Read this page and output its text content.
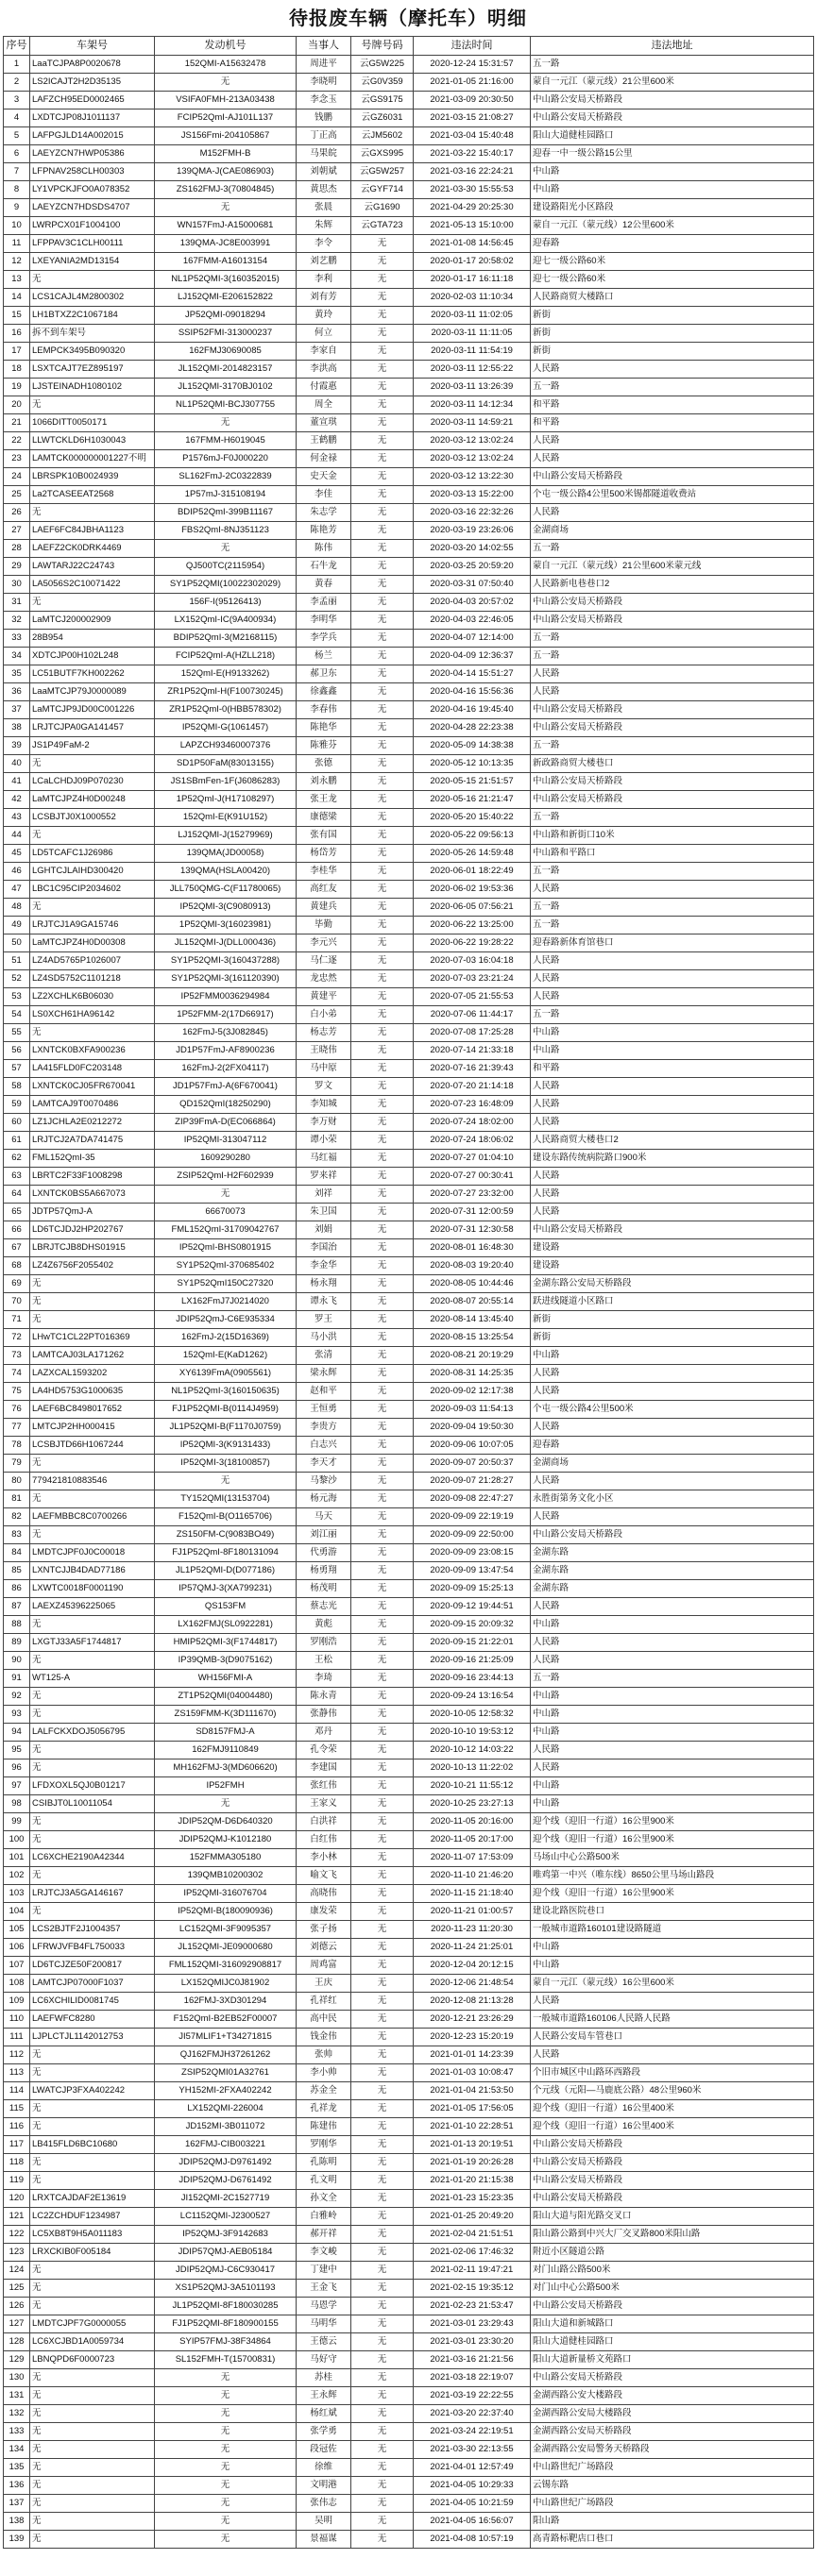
待报废车辆（摩托车）明细
序号	车架号	发动机号	当事人	号牌号码	违法时间	违法地址
1	LaaTCJPA8P0020678	152QMI-A15632478	周进平	云G5W225	2020-12-24 15:31:57	五一路
2	LS2ICAJT2H2D35135	无	李晓明	云G0V359	2021-01-05 21:16:00	蒙自一元江（蒙元线）21公里600米
3	LAFZCH95ED0002465	VSIFA0FMH-213A03438	李念玉	云GS9175	2021-03-09 20:30:50	中山路公安局天桥路段
4	LXDTCJP08J1011137	FCIP52QmI-AJ101L137	钱鹏	云GZ6031	2021-03-15 21:08:27	中山路公安局天桥路段
5	LAFPGJLD14A002015	JS156Fmi-204105867	丁正高	云JM5602	2021-03-04 15:40:48	阳山大道健桂园路口
6	LAEYZCN7HWP05386	M152FMH-B	马果皖	云GXS995	2021-03-22 15:40:17	迎春一中一级公路15公里
7	LFPNAV258CLH00303	139QMA-J(CAE086903)	刘朝斌	云G5W257	2021-03-16 22:24:21	中山路
8	LY1VPCKJFO0A078352	ZS162FMJ-3(70804845)	黄思杰	云GYF714	2021-03-30 15:55:53	中山路
9	LAEYZCN7HDSDS4707	无	张晨	云G1690	2021-04-29 20:25:30	建设路阳光小区路段
10	LWRPCX01F1004100	WN157FmJ-A15000681	朱辉	云GTA723	2021-05-13 15:10:00	蒙自一元江（蒙元线）12公里600米
11	LFPPAV3C1CLH00111	139QMA-JC8E003991	李令	无	2021-01-08 14:56:45	迎春路
12	LXEYANIA2MD13154	167FMM-A16013154	刘艺鹏	无	2020-01-17 20:58:02	迎七一级公路60米
13	无	NL1P52QMI-3(160352015)	李利	无	2020-01-17 16:11:18	迎七一级公路60米
14	LCS1CAJL4M2800302	LJ152QMI-E206152822	刘有芳	无	2020-02-03 11:10:34	人民路商贸大楼路口
15	LH1BTXZ2C1067184	JP52QMI-09018294	黄玲	无	2020-03-11 11:02:05	新街
16	拆不到车架号	SSIP52FMI-313000237	何立	无	2020-03-11 11:11:05	新街
17	LEMPCK3495B090320	162FMJ30690085	李家自	无	2020-03-11 11:54:19	新街
18	LSXTCAJT7EZ895197	JL152QMI-2014823157	李洪高	无	2020-03-11 12:55:22	人民路
19	LJSTEINADH1080102	JL152QMI-3170BJ0102	付霞惠	无	2020-03-11 13:26:39	五一路
20	无	NL1P52QMI-BCJ307755	周全	无	2020-03-11 14:12:34	和平路
21	1066DITT0050171	无	董宣琪	无	2020-03-11 14:59:21	和平路
22	LLWTCKLD6H1030043	167FMM-H6019045	王鹤鹏	无	2020-03-12 13:02:24	人民路
23	LAMTCK000000001227不明	P1576mJ-F0J000220	何金禄	无	2020-03-12 13:02:24	人民路
24	LBRSPK10B0024939	SL162FmJ-2C0322839	史天金	无	2020-03-12 13:22:30	中山路公安局天桥路段
25	La2TCASEEAT2568	1P57mJ-315108194	李佳	无	2020-03-13 15:22:00	个屯一级公路4公里500米锡都隧道收费站
26	无	BDIP52QmI-399B11167	朱志学	无	2020-03-16 22:32:26	人民路
27	LAEF6FC84JBHA1123	FBS2QmI-8NJ351123	陈艳芳	无	2020-03-19 23:26:06	金湖商场
28	LAEFZ2CK0DRK4469	无	陈伟	无	2020-03-20 14:02:55	五一路
29	LAWTARJ22C24743	QJ500TC(2115954)	石牛龙	无	2020-03-25 20:59:20	蒙自一元江（蒙元线）21公里600米蒙元线
30	LA5056S2C10071422	SY1P52QMI(10022302029)	黄春	无	2020-03-31 07:50:40	人民路新电巷巷口2
31	无	156F-I(95126413)	李孟丽	无	2020-04-03 20:57:02	中山路公安局天桥路段
32	LaMTCJ200002909	LX152QmI-IC(9A400934)	李明华	无	2020-04-03 22:46:05	中山路公安局天桥路段
33	28B954	BDIP52QmI-3(M2168115)	李学兵	无	2020-04-07 12:14:00	五一路
34	XDTCJP00H102L248	FCIP52QmI-A(HZLL218)	杨兰	无	2020-04-09 12:36:37	五一路
35	LC51BUTF7KH002262	152QmI-E(H9133262)	郝卫东	无	2020-04-14 15:51:27	人民路
36	LaaMTCJP79J0000089	ZR1P52QmI-H(F100730245)	徐鑫鑫	无	2020-04-16 15:56:36	人民路
37	LaMTCJP9JD00C001226	ZR1P52QmI-0(HBB578302)	李春伟	无	2020-04-16 19:45:40	中山路公安局天桥路段
38	LRJTCJPA0GA141457	IP52QMI-G(1061457)	陈艳华	无	2020-04-28 22:23:38	中山路公安局天桥路段
39	JS1P49FaM-2	LAPZCH93460007376	陈雅芬	无	2020-05-09 14:38:38	五一路
40	无	SD1P50FaM(83013155)	张德	无	2020-05-12 10:13:35	新政路商贸大楼巷口
41	LCaLCHDJ09P070230	JS1SBmFen-1F(J6086283)	刘永鹏	无	2020-05-15 21:51:57	中山路公安局天桥路段
42	LaMTCJPZ4H0D00248	1P52QmI-J(H17108297)	张王龙	无	2020-05-16 21:21:47	中山路公安局天桥路段
43	LCSBJTJ0X1000552	152QmI-E(K91U152)	康德梁	无	2020-05-20 15:40:22	五一路
44	无	LJ152QMI-J(15279969)	张有国	无	2020-05-22 09:56:13	中山路和新街口10米
45	LD5TCAFC1J26986	139QMA(JD00058)	杨岱芳	无	2020-05-26 14:59:48	中山路和平路口
46	LGHTCJLAIHD300420	139QMA(HSLA00420)	李桂华	无	2020-06-01 18:22:49	五一路
47	LBC1C95CIP2034602	JLL750QMG-C(F11780065)	高红友	无	2020-06-02 19:53:36	人民路
48	无	IP52QMI-3(C9080913)	黄建兵	无	2020-06-05 07:56:21	五一路
49	LRJTCJ1A9GA15746	1P52QMI-3(16023981)	毕勤	无	2020-06-22 13:25:00	五一路
50	LaMTCJPZ4H0D00308	JL152QMI-J(DLL000436)	李元兴	无	2020-06-22 19:28:22	迎春路新体育馆巷口
51	LZ4AD5765P1026007	SY1P52QMI-3(160437288)	马仁逐	无	2020-07-03 16:04:18	人民路
52	LZ4SD5752C1101218	SY1P52QMI-3(161120390)	龙忠然	无	2020-07-03 23:21:24	人民路
53	LZ2XCHLK6B06030	IP52FMM0036294984	黄建平	无	2020-07-05 21:55:53	人民路
54	LS0XCH61HA96142	1P52FMM-2(17D66917)	白小弟	无	2020-07-06 11:44:17	五一路
55	无	162FmJ-5(3J082845)	杨志芳	无	2020-07-08 17:25:28	中山路
56	LXNTCK0BXFA900236	JD1P57FmJ-AF8900236	王晓伟	无	2020-07-14 21:33:18	中山路
57	LA415FLD0FC203148	162FmJ-2(2FX04117)	马中原	无	2020-07-16 21:39:43	和平路
58	LXNTCK0CJ05FR670041	JD1P57FmJ-A(6F670041)	罗文	无	2020-07-20 21:14:18	人民路
59	LAMTCAJ9T0070486	QD152QmI(18250290)	李知城	无	2020-07-23 16:48:09	人民路
60	LZ1JCHLA2E0212272	ZIP39FmA-D(EC066864)	李万财	无	2020-07-24 18:02:00	人民路
61	LRJTCJ2A7DA741475	IP52QMI-313047112	谭小荣	无	2020-07-24 18:06:02	人民路商贸大楼巷口2
62	FML152QmI-35	1609290280	马红福	无	2020-07-27 01:04:10	建设东路传统病院路口900米
63	LBRTC2F33F1008298	ZSIP52QmI-H2F602939	罗来祥	无	2020-07-27 00:30:41	人民路
64	LXNTCK0BS5A667073	无	刘祥	无	2020-07-27 23:32:00	人民路
65	JDTP57QmJ-A	66670073	朱卫国	无	2020-07-31 12:00:59	人民路
66	LD6TCJDJ2HP202767	FML152QmI-31709042767	刘娟	无	2020-07-31 12:30:58	中山路公安局天桥路段
67	LBRJTCJB8DHS01915	IP52QmI-BHS0801915	李国治	无	2020-08-01 16:48:30	建设路
68	LZ4Z6756F2055402	SY1P52QmI-370685402	李金华	无	2020-08-03 19:20:40	建设路
69	无	SY1P52QmI150C27320	杨永翔	无	2020-08-05 10:44:46	金湖东路公安局天桥路段
70	无	LX162FmJ7J0214020	谭永飞	无	2020-08-07 20:55:14	跃进线隧道小区路口
71	无	JDIP52QmJ-C6E935334	罗王	无	2020-08-14 13:45:40	新街
72	LHwTC1CL22PT016369	162FmJ-2(15D16369)	马小洪	无	2020-08-15 13:25:54	新街
73	LAMTCAJ03LA171262	152QmI-E(KaD1262)	张清	无	2020-08-21 20:19:29	中山路
74	LAZXCAL1593202	XY6139FmA(0905561)	梁永辉	无	2020-08-31 14:25:35	人民路
75	LA4HD5753G1000635	NL1P52QmI-3(160150635)	赵和平	无	2020-09-02 12:17:38	人民路
76	LAEF6BC8498017652	FJ1P52QMI-B(0114J4959)	王恒勇	无	2020-09-03 11:54:13	个屯一级公路4公里500米
77	LMTCJP2HH000415	JL1P52QMI-B(F1170J0759)	李贵方	无	2020-09-04 19:50:30	人民路
78	LCSBJTD66H1067244	IP52QMI-3(K9131433)	白志兴	无	2020-09-06 10:07:05	迎春路
79	无	IP52QMI-3(18100857)	李天才	无	2020-09-07 20:50:37	金湖商场
80	779421810883546	无	马黎沙	无	2020-09-07 21:28:27	人民路
81	无	TY152QMI(13153704)	杨元海	无	2020-09-08 22:47:27	永胜街第务文化小区
82	LAEFMBBC8C0700266	F152QmI-B(O1165706)	马天	无	2020-09-09 22:19:19	人民路
83	无	ZS150FM-C(9083BO49)	刘江丽	无	2020-09-09 22:50:00	中山路公安局天桥路段
84	LMDTCJPF0J0C00018	FJ1P52QmI-8F180131094	代勇游	无	2020-09-09 23:08:15	金湖东路
85	LXNTCJJB4DAD77186	JL1P52QMI-D(D077186)	杨勇翔	无	2020-09-09 13:47:54	金湖东路
86	LXWTC0018F0001190	IP57QMJ-3(XA799231)	杨茂明	无	2020-09-09 15:25:13	金湖东路
87	LAEXZ45396225065	QS153FM	蔡志光	无	2020-09-12 19:44:51	人民路
88	无	LX162FMJ(SL0922281)	黄彪	无	2020-09-15 20:09:32	中山路
89	LXGTJ33A5F1744817	HMIP52QMI-3(F1744817)	罗刚浩	无	2020-09-15 21:22:01	人民路
90	无	IP39QMB-3(D9075162)	王松	无	2020-09-16 21:25:09	人民路
91	WT125-A	WH156FMI-A	李琦	无	2020-09-16 23:44:13	五一路
92	无	ZT1P52QMI(04004480)	陈永青	无	2020-09-24 13:16:54	中山路
93	无	ZS159FMM-K(3D111670)	张静伟	无	2020-10-05 12:58:32	中山路
94	LALFCKXDOJ5056795	SD8157FMJ-A	邓丹	无	2020-10-10 19:53:12	中山路
95	无	162FMJ9110849	孔令荣	无	2020-10-12 14:03:22	人民路
96	无	MH162FMJ-3(MD606620)	李建国	无	2020-10-13 11:22:02	人民路
97	LFDXOXL5QJ0B01217	IP52FMH	张红伟	无	2020-10-21 11:55:12	中山路
98	CSIBJT0L10011054	无	王家义	无	2020-10-25 23:27:13	中山路
99	无	JDIP52QM-D6D640320	白洪祥	无	2020-11-05 20:16:00	迎个线（迎旧一行道）16公里900米
100	无	JDIP52QMJ-K1012180	白红伟	无	2020-11-05 20:17:00	迎个线（迎旧一行道）16公里900米
101	LC6XCHE2190A42344	152FMMA305180	李小林	无	2020-11-07 17:53:09	马场山中心公路500米
102	无	139QMB10200302	喻文飞	无	2020-11-10 21:46:20	唯鸡第一中兴（唯东线）8650公里马场山路段
103	LRJTCJ3A5GA146167	IP52QMI-316076704	高晓伟	无	2020-11-15 21:18:40	迎个线（迎旧一行道）16公里900米
104	无	IP52QMI-B(180090936)	康发荣	无	2020-11-21 01:00:57	建设北路医院巷口
105	LCS2BJTF2J1004357	LC152QMI-3F9095357	张子扬	无	2020-11-23 11:20:30	一般城市道路160101建设路隧道
106	LFRWJVFB4FL750033	JL152QMI-JE09000680	刘德云	无	2020-11-24 21:25:01	中山路
107	LD6TCJZE50F200817	FML152QMI-316092908817	周鸡富	无	2020-12-04 20:12:15	中山路
108	LAMTCJP07000F1037	LX152QMIJC0J81902	王庆	无	2020-12-06 21:48:54	蒙自一元江（蒙元线）16公里600米
109	LC6XCHILID0081745	162FMJ-3XD301294	孔祥红	无	2020-12-08 21:13:28	人民路
110	LAEFWFC8280	F152QmI-B2EB52F00007	高中民	无	2020-12-21 23:26:29	一般城市道路160106人民路人民路
111	LJPLCTJL1142012753	JI57MLIF1+T34271815	钱金伟	无	2020-12-23 15:20:19	人民路公安局车管巷口
112	无	QJ162FMJH37261262	张帅	无	2021-01-01 14:23:39	人民路
113	无	ZSIP52QMI01A32761	李小帅	无	2021-01-03 10:08:47	个旧市城区中山路环西路段
114	LWATCJP3FXA402242	YH152MI-2FXA402242	苏金全	无	2021-01-04 21:53:50	个元线（元阳—马鹿底公路）48公里960米
115	无	LX152QMI-226004	孔祥龙	无	2021-01-05 17:56:05	迎个线（迎旧一行道）16公里400米
116	无	JD152MI-3B011072	陈建伟	无	2021-01-10 22:28:51	迎个线（迎旧一行道）16公里400米
117	LB415FLD6BC10680	162FMJ-CIB003221	罗刚华	无	2021-01-13 20:19:51	中山路公安局天桥路段
118	无	JDIP52QMJ-D9761492	孔陈明	无	2021-01-19 20:26:28	中山路公安局天桥路段
119	无	JDIP52QMJ-D6761492	孔文明	无	2021-01-20 21:15:38	中山路公安局天桥路段
120	LRXTCAJDAF2E13619	JI152QMI-2C1527719	孙文全	无	2021-01-23 15:23:35	中山路公安局天桥路段
121	LC2ZCHDUF1234987	LC1152QMI-J2300527	白雅岭	无	2021-01-25 20:49:20	阳山大道与阳光路交叉口
122	LC5XB8T9H5A011183	IP52QMJ-3F9142683	郝开祥	无	2021-02-04 21:51:51	阳山路公路到中兴大厂交叉路800米阳山路
123	LRXCKIB0F005184	JDIP57QMJ-AEB05184	李文峻	无	2021-02-06 17:46:32	附近小区隧道公路
124	无	JDIP52QMJ-C6C930417	丁建中	无	2021-02-11 19:47:21	对门山路公路500米
125	无	XS1P52QMJ-3A5101193	王金飞	无	2021-02-15 19:35:12	对门山中心公路500米
126	无	JL1P52QMI-8F180030285	马恩学	无	2021-02-23 21:53:47	中山路公安局天桥路段
127	LMDTCJPF7G0000055	FJ1P52QMI-8F180900155	马明华	无	2021-03-01 23:29:43	阳山大道和新城路口
128	LC6XCJBD1A0059734	SYIP57FMJ-38F34864	王德云	无	2021-03-01 23:30:20	阳山大道健桂园路口
129	LBNQPD6F0000723	SL152FMH-T(15700831)	马好守	无	2021-03-16 21:21:56	阳山大道新量桥文苑路口
130	无	无	苏桂	无	2021-03-18 22:19:07	中山路公安局天桥路段
131	无	无	王永辉	无	2021-03-19 22:22:55	金湖西路公安大楼路段
132	无	无	杨红斌	无	2021-03-20 22:37:40	金湖西路公安局大楼路段
133	无	无	张学勇	无	2021-03-24 22:19:51	金湖西路公安局天桥路段
134	无	无	段冠佐	无	2021-03-30 22:13:55	金湖西路公安局警务天桥路段
135	无	无	徐维	无	2021-04-01 12:57:49	中山路世纪广场路段
136	无	无	文明港	无	2021-04-05 10:29:33	云锡东路
137	无	无	张伟志	无	2021-04-05 10:21:59	中山路世纪广场路段
138	无	无	吴明	无	2021-04-05 16:56:07	阳山路
139	无	无	景福谋	无	2021-04-08 10:57:19	高青路标靶店口巷口
